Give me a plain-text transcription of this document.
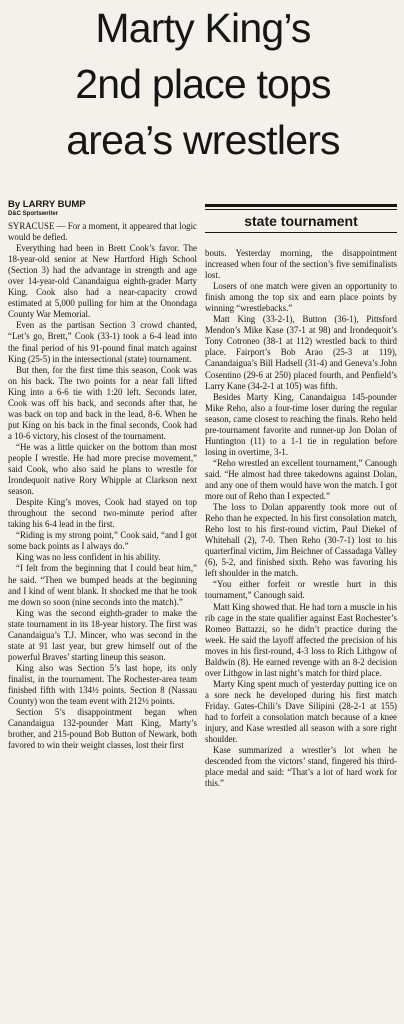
Marty King’s
2nd place tops
area’s wrestlers
By LARRY BUMP
D&C Sportswriter

SYRACUSE — For a moment, it appeared that logic would be defied.

Everything had been in Brett Cook’s favor. The 18-year-old senior at New Hartford High School (Section 3) had the advantage in strength and age over 14-year-old Canandaigua eighth-grader Marty King. Cook also had a near-capacity crowd estimated at 5,000 pulling for him at the Onondaga County War Memorial.

Even as the partisan Section 3 crowd chanted, “Let’s go, Brett,” Cook (33-1) took a 6-4 lead into the final period of his 91-pound final match against King (25-5) in the intersectional (state) tournament.

But then, for the first time this season, Cook was on his back. The two points for a near fall lifted King into a 6-6 tie with 1:20 left. Seconds later, Cook was off his back, and seconds after that, he was back on top and back in the lead, 8-6. When he put King on his back in the final seconds, Cook had a 10-6 victory, his closest of the tournament.

“He was a little quicker on the bottom than most people I wrestle. He had more precise movement,” said Cook, who also said he plans to wrestle for Irondequoit native Rory Whipple at Clarkson next season.

Despite King’s moves, Cook had stayed on top throughout the second two-minute period after taking his 6-4 lead in the first.

“Riding is my strong point,” Cook said, “and I got some back points as I always do.”

King was no less confident in his ability.

“I felt from the beginning that I could beat him,” he said. “Then we bumped heads at the beginning and I kind of went blank. It shocked me that he took me down so soon (nine seconds into the match).”

King was the second eighth-grader to make the state tournament in its 18-year history. The first was Canandaigua’s T.J. Mincer, who was second in the state at 91 last year, but grew himself out of the powerful Braves’ starting lineup this season.

King also was Section 5’s last hope, its only finalist, in the tournament. The Rochester-area team finished fifth with 134½ points. Section 8 (Nassau County) won the team event with 212½ points.

Section 5’s disappointment began when Canandaigua 132-pounder Matt King, Marty’s brother, and 215-pound Bob Button of Newark, both favored to win their weight classes, lost their first

state tournament

bouts. Yesterday morning, the disappointment increased when four of the section’s five semifinalists lost.

Losers of one match were given an opportunity to finish among the top six and earn place points by winning “wrestlebacks.”

Matt King (33-2-1), Button (36-1), Pittsford Mendon’s Mike Kase (37-1 at 98) and Irondequoit’s Tony Cotroneo (38-1 at 112) wrestled back to third place. Fairport’s Bob Arao (25-3 at 119), Canandaigua’s Bill Hadsell (31-4) and Geneva’s John Cosentino (29-6 at 250) placed fourth, and Penfield’s Larry Kane (34-2-1 at 105) was fifth.

Besides Marty King, Canandaigua 145-pounder Mike Reho, also a four-time loser during the regular season, came closest to reaching the finals. Reho held pre-tournament favorite and runner-up Jon Dolan of Huntington (11) to a 1-1 tie in regulation before losing in overtime, 3-1.

“Reho wrestled an excellent tournament,” Canough said. “He almost had three takedowns against Dolan, and any one of them would have won the match. I got more out of Reho than I expected.”

The loss to Dolan apparently took more out of Reho than he expected. In his first consolation match, Reho lost to his first-round victim, Paul Diekel of Whitehall (2), 7-0. Then Reho (30-7-1) lost to his quarterfinal victim, Jim Beichner of Cassadaga Valley (6), 5-2, and finished sixth. Reho was favoring his left shoulder in the match.

“You either forfeit or wrestle hurt in this tournament,” Canough said.

Matt King showed that. He had torn a muscle in his rib cage in the state qualifier against East Rochester’s Romeo Battazzi, so he didn’t practice during the week. He said the layoff affected the precision of his moves in his first-round, 4-3 loss to Rich Lithgow of Baldwin (8). He earned revenge with an 8-2 decision over Lithgow in last night’s match for third place.

Marty King spent much of yesterday putting ice on a sore neck he developed during his first match Friday. Gates-Chili’s Dave Silipini (28-2-1 at 155) had to forfeit a consolation match because of a knee injury, and Kase wrestled all season with a sore right shoulder.

Kase summarized a wrestler’s lot when he descended from the victors’ stand, fingered his third-place medal and said: “That’s a lot of hard work for this.”
